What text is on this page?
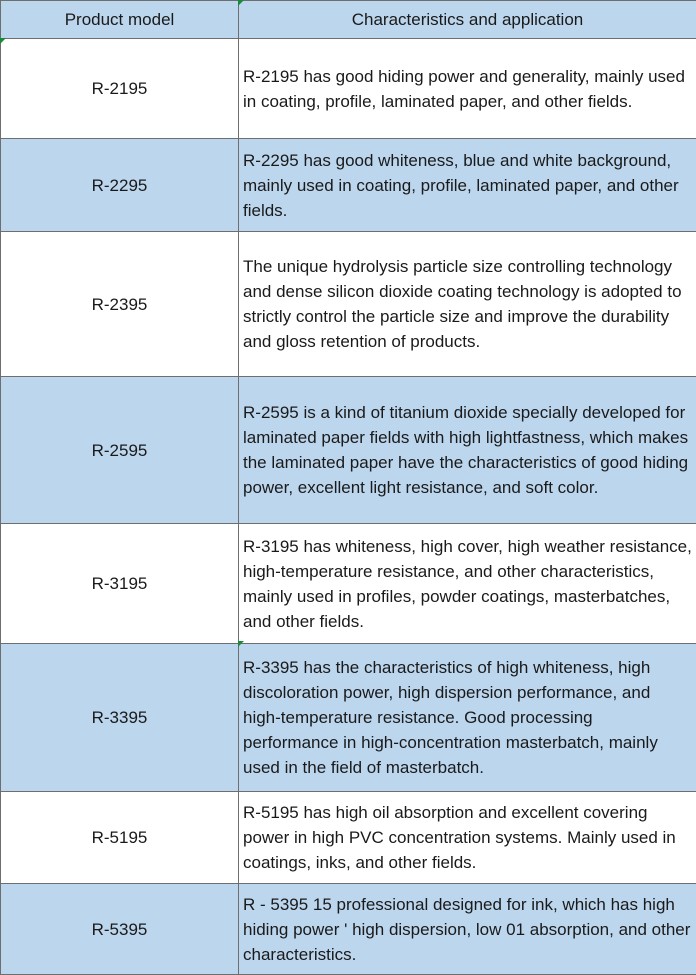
Product model	Characteristics and application
R-2195	R-2195 has good hiding power and generality, mainly used in coating, profile, laminated paper, and other fields.
R-2295	R-2295 has good whiteness, blue and white background, mainly used in coating, profile, laminated paper, and other fields.
R-2395	The unique hydrolysis particle size controlling technology and dense silicon dioxide coating technology is adopted to strictly control the particle size and improve the durability and gloss retention of products.
R-2595	R-2595 is a kind of titanium dioxide specially developed for laminated paper fields with high lightfastness, which makes the laminated paper have the characteristics of good hiding power, excellent light resistance, and soft color.
R-3195	R-3195 has whiteness, high cover, high weather resistance, high-temperature resistance, and other characteristics, mainly used in profiles, powder coatings, masterbatches, and other fields.
R-3395	R-3395 has the characteristics of high whiteness, high discoloration power, high dispersion performance, and high-temperature resistance. Good processing performance in high-concentration masterbatch, mainly used in the field of masterbatch.
R-5195	R-5195 has high oil absorption and excellent covering power in high PVC concentration systems. Mainly used in coatings, inks, and other fields.
R-5395	R - 5395 15 professional designed for ink, which has high hiding power ' high dispersion, low 01 absorption, and other characteristics.
